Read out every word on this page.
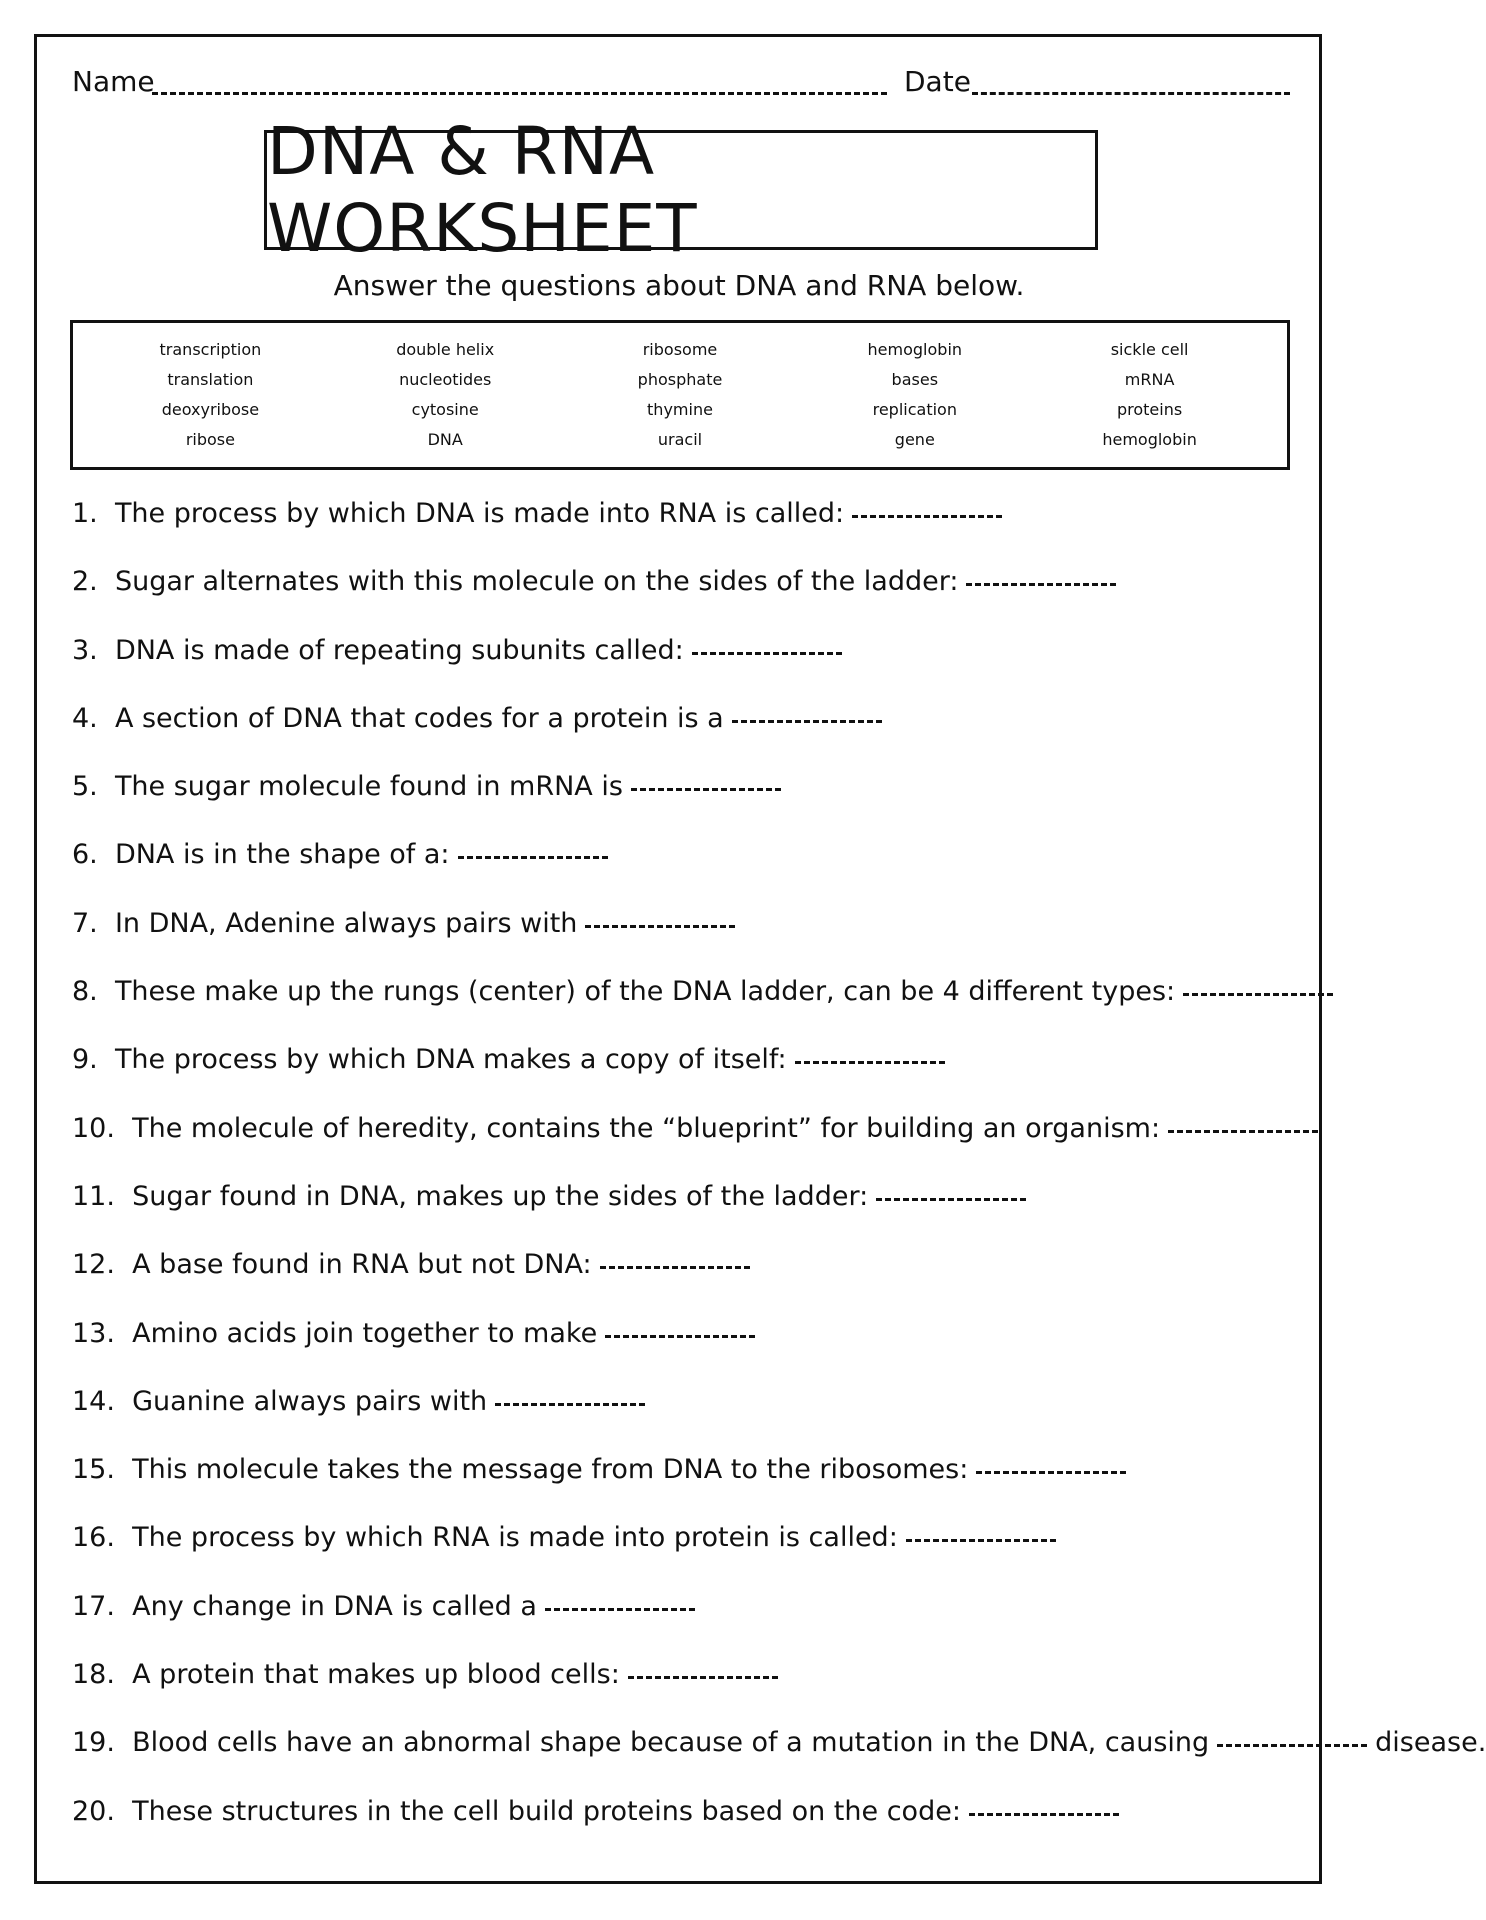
Name	Date
DNA & RNA WORKSHEET
Answer the questions about DNA and RNA below.
transcription	double helix	ribosome	hemoglobin	sickle cell
translation	nucleotides	phosphate	bases	mRNA
deoxyribose	cytosine	thymine	replication	proteins
ribose	DNA	uracil	gene	hemoglobin
1. The process by which DNA is made into RNA is called:
2. Sugar alternates with this molecule on the sides of the ladder:
3. DNA is made of repeating subunits called:
4. A section of DNA that codes for a protein is a
5. The sugar molecule found in mRNA is
6. DNA is in the shape of a:
7. In DNA, Adenine always pairs with
8. These make up the rungs (center) of the DNA ladder, can be 4 different types:
9. The process by which DNA makes a copy of itself:
10. The molecule of heredity, contains the “blueprint” for building an organism:
11. Sugar found in DNA, makes up the sides of the ladder:
12. A base found in RNA but not DNA:
13. Amino acids join together to make
14. Guanine always pairs with
15. This molecule takes the message from DNA to the ribosomes:
16. The process by which RNA is made into protein is called:
17. Any change in DNA is called a
18. A protein that makes up blood cells:
19. Blood cells have an abnormal shape because of a mutation in the DNA, causing	disease.
20. These structures in the cell build proteins based on the code:
